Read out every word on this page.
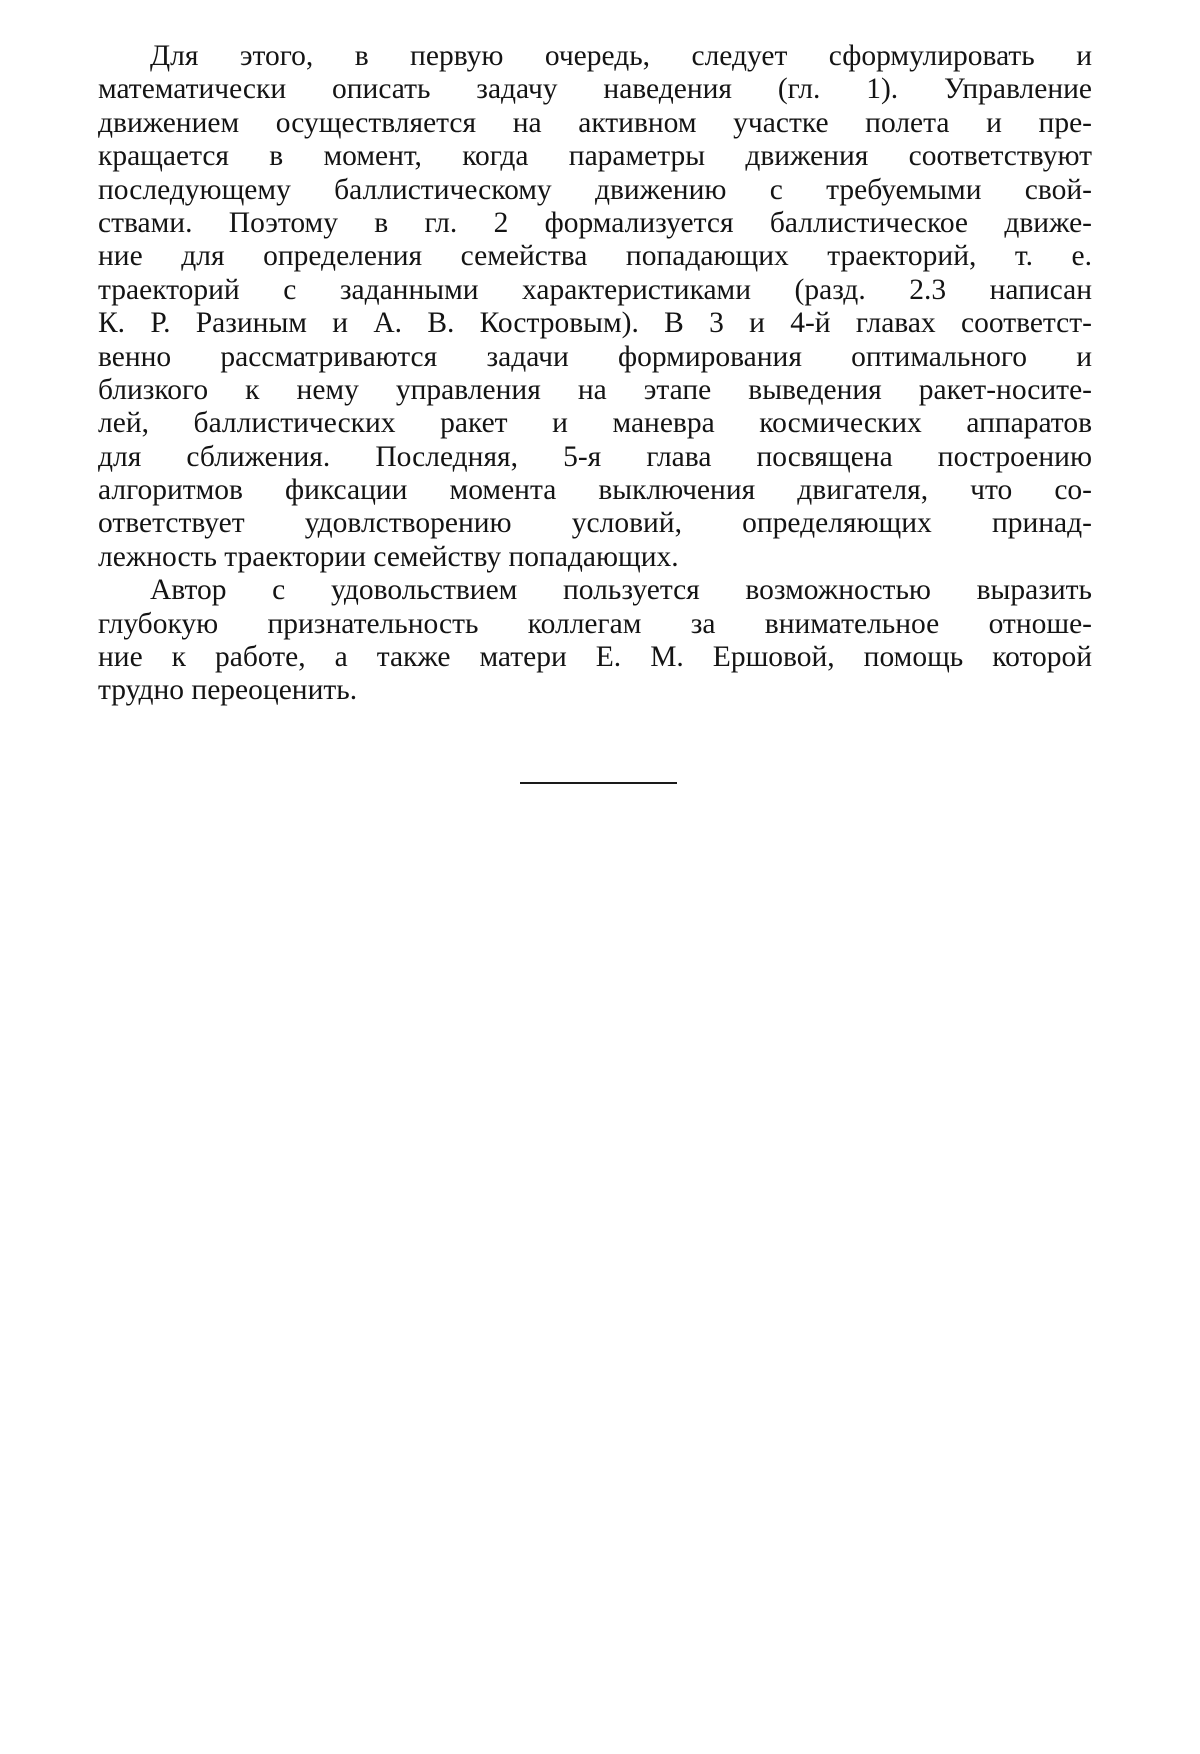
Для этого, в первую очередь, следует сформулировать и
математически описать задачу наведения (гл. 1). Управление
движением осуществляется на активном участке полета и пре-
кращается в момент, когда параметры движения соответствуют
последующему баллистическому движению с требуемыми свой-
ствами. Поэтому в гл. 2 формализуется баллистическое движе-
ние для определения семейства попадающих траекторий, т. е.
траекторий с заданными характеристиками (разд. 2.3 написан
К. Р. Разиным и А. В. Костровым). В 3 и 4-й главах соответст-
венно рассматриваются задачи формирования оптимального и
близкого к нему управления на этапе выведения ракет-носите-
лей, баллистических ракет и маневра космических аппаратов
для сближения. Последняя, 5-я глава посвящена построению
алгоритмов фиксации момента выключения двигателя, что со-
ответствует удовлстворению условий, определяющих принад-
лежность траектории семейству попадающих.
Автор с удовольствием пользуется возможностью выразить
глубокую признательность коллегам за внимательное отноше-
ние к работе, а также матери Е. М. Ершовой, помощь которой
трудно переоценить.
